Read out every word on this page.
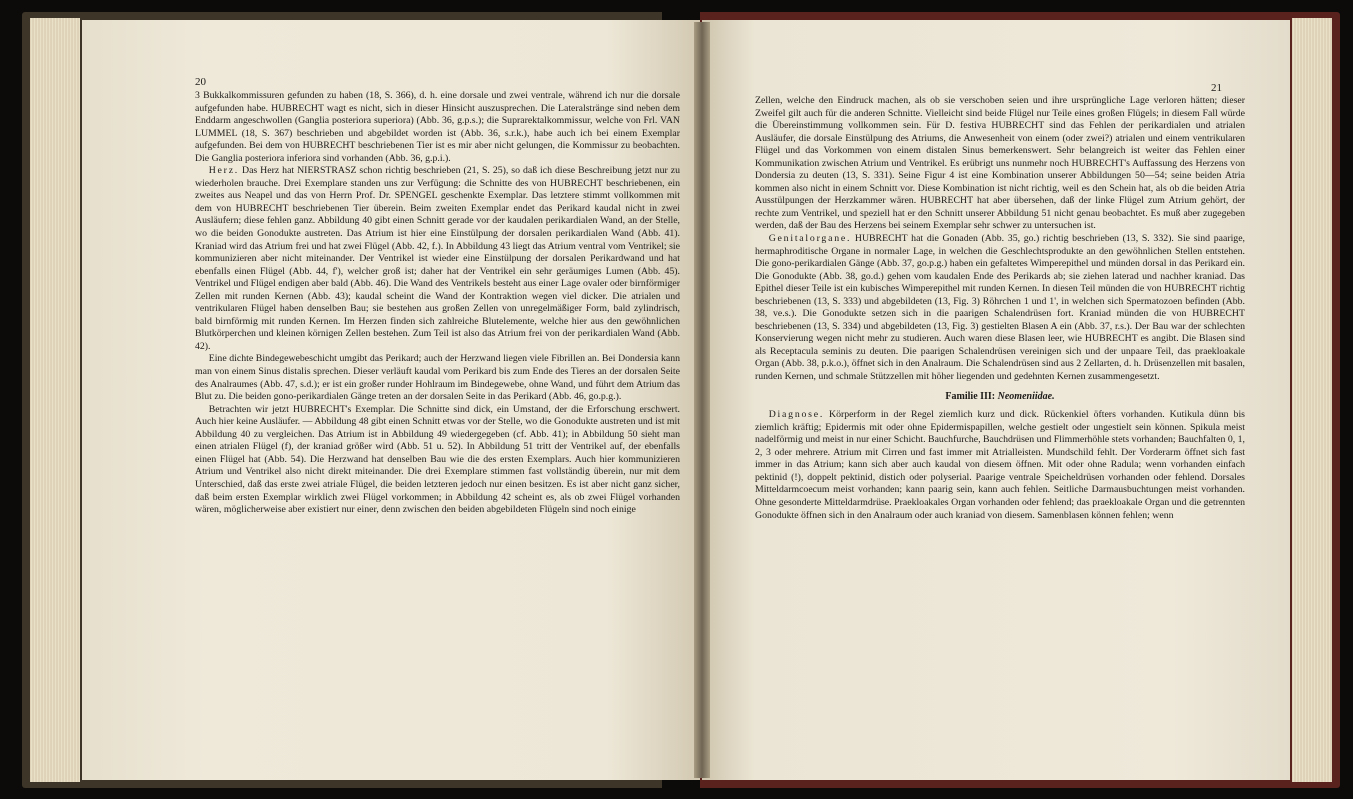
20

3 Bukkalkommissuren gefunden zu haben (18, S. 366), d. h. eine dorsale und zwei ventrale, während ich nur die dorsale aufgefunden habe. HUBRECHT wagt es nicht, sich in dieser Hinsicht auszusprechen. Die Lateralstränge sind neben dem Enddarm angeschwollen (Ganglia posteriora superiora) (Abb. 36, g.p.s.); die Suprarektalkommissur, welche von Frl. VAN LUMMEL (18, S. 367) beschrieben und abgebildet worden ist (Abb. 36, s.r.k.), habe auch ich bei einem Exemplar aufgefunden. Bei dem von HUBRECHT beschriebenen Tier ist es mir aber nicht gelungen, die Kommissur zu beobachten. Die Ganglia posteriora inferiora sind vorhanden (Abb. 36, g.p.i.).

Herz. Das Herz hat NIERSTRASZ schon richtig beschrieben (21, S. 25), so daß ich diese Beschreibung jetzt nur zu wiederholen brauche. Drei Exemplare standen uns zur Verfügung: die Schnitte des von HUBRECHT beschriebenen, ein zweites aus Neapel und das von Herrn Prof. Dr. SPENGEL geschenkte Exemplar. Das letztere stimmt vollkommen mit dem von HUBRECHT beschriebenen Tier überein. Beim zweiten Exemplar endet das Perikard kaudal nicht in zwei Ausläufern; diese fehlen ganz. Abbildung 40 gibt einen Schnitt gerade vor der kaudalen perikardialen Wand, an der Stelle, wo die beiden Gonodukte austreten. Das Atrium ist hier eine Einstülpung der dorsalen perikardialen Wand (Abb. 41). Kraniad wird das Atrium frei und hat zwei Flügel (Abb. 42, f.). In Abbildung 43 liegt das Atrium ventral vom Ventrikel; sie kommunizieren aber nicht miteinander. Der Ventrikel ist wieder eine Einstülpung der dorsalen Perikardwand und hat ebenfalls einen Flügel (Abb. 44, f'), welcher groß ist; daher hat der Ventrikel ein sehr geräumiges Lumen (Abb. 45). Ventrikel und Flügel endigen aber bald (Abb. 46). Die Wand des Ventrikels besteht aus einer Lage ovaler oder birnförmiger Zellen mit runden Kernen (Abb. 43); kaudal scheint die Wand der Kontraktion wegen viel dicker. Die atrialen und ventrikularen Flügel haben denselben Bau; sie bestehen aus großen Zellen von unregelmäßiger Form, bald zylindrisch, bald birnförmig mit runden Kernen. Im Herzen finden sich zahlreiche Blutelemente, welche hier aus den gewöhnlichen Blutkörperchen und kleinen körnigen Zellen bestehen. Zum Teil ist also das Atrium frei von der perikardialen Wand (Abb. 42).

Eine dichte Bindegewebeschicht umgibt das Perikard; auch der Herzwand liegen viele Fibrillen an. Bei Dondersia kann man von einem Sinus distalis sprechen. Dieser verläuft kaudal vom Perikard bis zum Ende des Tieres an der dorsalen Seite des Analraumes (Abb. 47, s.d.); er ist ein großer runder Hohlraum im Bindegewebe, ohne Wand, und führt dem Atrium das Blut zu. Die beiden gono-perikardialen Gänge treten an der dorsalen Seite in das Perikard (Abb. 46, go.p.g.).

Betrachten wir jetzt HUBRECHT's Exemplar. Die Schnitte sind dick, ein Umstand, der die Erforschung erschwert. Auch hier keine Ausläufer. — Abbildung 48 gibt einen Schnitt etwas vor der Stelle, wo die Gonodukte austreten und ist mit Abbildung 40 zu vergleichen. Das Atrium ist in Abbildung 49 wiedergegeben (cf. Abb. 41); in Abbildung 50 sieht man einen atrialen Flügel (f), der kraniad größer wird (Abb. 51 u. 52). In Abbildung 51 tritt der Ventrikel auf, der ebenfalls einen Flügel hat (Abb. 54). Die Herzwand hat denselben Bau wie die des ersten Exemplars. Auch hier kommunizieren Atrium und Ventrikel also nicht direkt miteinander. Die drei Exemplare stimmen fast vollständig überein, nur mit dem Unterschied, daß das erste zwei atriale Flügel, die beiden letzteren jedoch nur einen besitzen. Es ist aber nicht ganz sicher, daß beim ersten Exemplar wirklich zwei Flügel vorkommen; in Abbildung 42 scheint es, als ob zwei Flügel vorhanden wären, möglicherweise aber existiert nur einer, denn zwischen den beiden abgebildeten Flügeln sind noch einige

21

Zellen, welche den Eindruck machen, als ob sie verschoben seien und ihre ursprüngliche Lage verloren hätten; dieser Zweifel gilt auch für die anderen Schnitte. Vielleicht sind beide Flügel nur Teile eines großen Flügels; in diesem Fall würde die Übereinstimmung vollkommen sein. Für D. festiva HUBRECHT sind das Fehlen der perikardialen und atrialen Ausläufer, die dorsale Einstülpung des Atriums, die Anwesenheit von einem (oder zwei?) atrialen und einem ventrikularen Flügel und das Vorkommen von einem distalen Sinus bemerkenswert. Sehr belangreich ist weiter das Fehlen einer Kommunikation zwischen Atrium und Ventrikel. Es erübrigt uns nunmehr noch HUBRECHT's Auffassung des Herzens von Dondersia zu deuten (13, S. 331). Seine Figur 4 ist eine Kombination unserer Abbildungen 50—54; seine beiden Atria kommen also nicht in einem Schnitt vor. Diese Kombination ist nicht richtig, weil es den Schein hat, als ob die beiden Atria Ausstülpungen der Herzkammer wären. HUBRECHT hat aber übersehen, daß der linke Flügel zum Atrium gehört, der rechte zum Ventrikel, und speziell hat er den Schnitt unserer Abbildung 51 nicht genau beobachtet. Es muß aber zugegeben werden, daß der Bau des Herzens bei seinem Exemplar sehr schwer zu untersuchen ist.

Genitalorgane. HUBRECHT hat die Gonaden (Abb. 35, go.) richtig beschrieben (13, S. 332). Sie sind paarige, hermaphroditische Organe in normaler Lage, in welchen die Geschlechtsprodukte an den gewöhnlichen Stellen entstehen. Die gono-perikardialen Gänge (Abb. 37, go.p.g.) haben ein gefaltetes Wimperepithel und münden dorsal in das Perikard ein. Die Gonodukte (Abb. 38, go.d.) gehen vom kaudalen Ende des Perikards ab; sie ziehen laterad und nachher kraniad. Das Epithel dieser Teile ist ein kubisches Wimperepithel mit runden Kernen. In diesen Teil münden die von HUBRECHT richtig beschriebenen (13, S. 333) und abgebildeten (13, Fig. 3) Röhrchen 1 und 1', in welchen sich Spermatozoen befinden (Abb. 38, ve.s.). Die Gonodukte setzen sich in die paarigen Schalendrüsen fort. Kraniad münden die von HUBRECHT beschriebenen (13, S. 334) und abgebildeten (13, Fig. 3) gestielten Blasen A ein (Abb. 37, r.s.). Der Bau war der schlechten Konservierung wegen nicht mehr zu studieren. Auch waren diese Blasen leer, wie HUBRECHT es angibt. Die Blasen sind als Receptacula seminis zu deuten. Die paarigen Schalendrüsen vereinigen sich und der unpaare Teil, das praekloakale Organ (Abb. 38, p.k.o.), öffnet sich in den Analraum. Die Schalendrüsen sind aus 2 Zellarten, d. h. Drüsenzellen mit basalen, runden Kernen, und schmale Stützzellen mit höher liegenden und gedehnten Kernen zusammengesetzt.

Familie III: Neomeniidae.

Diagnose. Körperform in der Regel ziemlich kurz und dick. Rückenkiel öfters vorhanden. Kutikula dünn bis ziemlich kräftig; Epidermis mit oder ohne Epidermispapillen, welche gestielt oder ungestielt sein können. Spikula meist nadelförmig und meist in nur einer Schicht. Bauchfurche, Bauchdrüsen und Flimmerhöhle stets vorhanden; Bauchfalten 0, 1, 2, 3 oder mehrere. Atrium mit Cirren und fast immer mit Atrialleisten. Mundschild fehlt. Der Vorderarm öffnet sich fast immer in das Atrium; kann sich aber auch kaudal von diesem öffnen. Mit oder ohne Radula; wenn vorhanden einfach pektinid (!), doppelt pektinid, distich oder polyserial. Paarige ventrale Speicheldrüsen vorhanden oder fehlend. Dorsales Mitteldarmcoecum meist vorhanden; kann paarig sein, kann auch fehlen. Seitliche Darmausbuchtungen meist vorhanden. Ohne gesonderte Mitteldarmdrüse. Praekloakales Organ vorhanden oder fehlend; das praekloakale Organ und die getrennten Gonodukte öffnen sich in den Analraum oder auch kraniad von diesem. Samenblasen können fehlen; wenn
